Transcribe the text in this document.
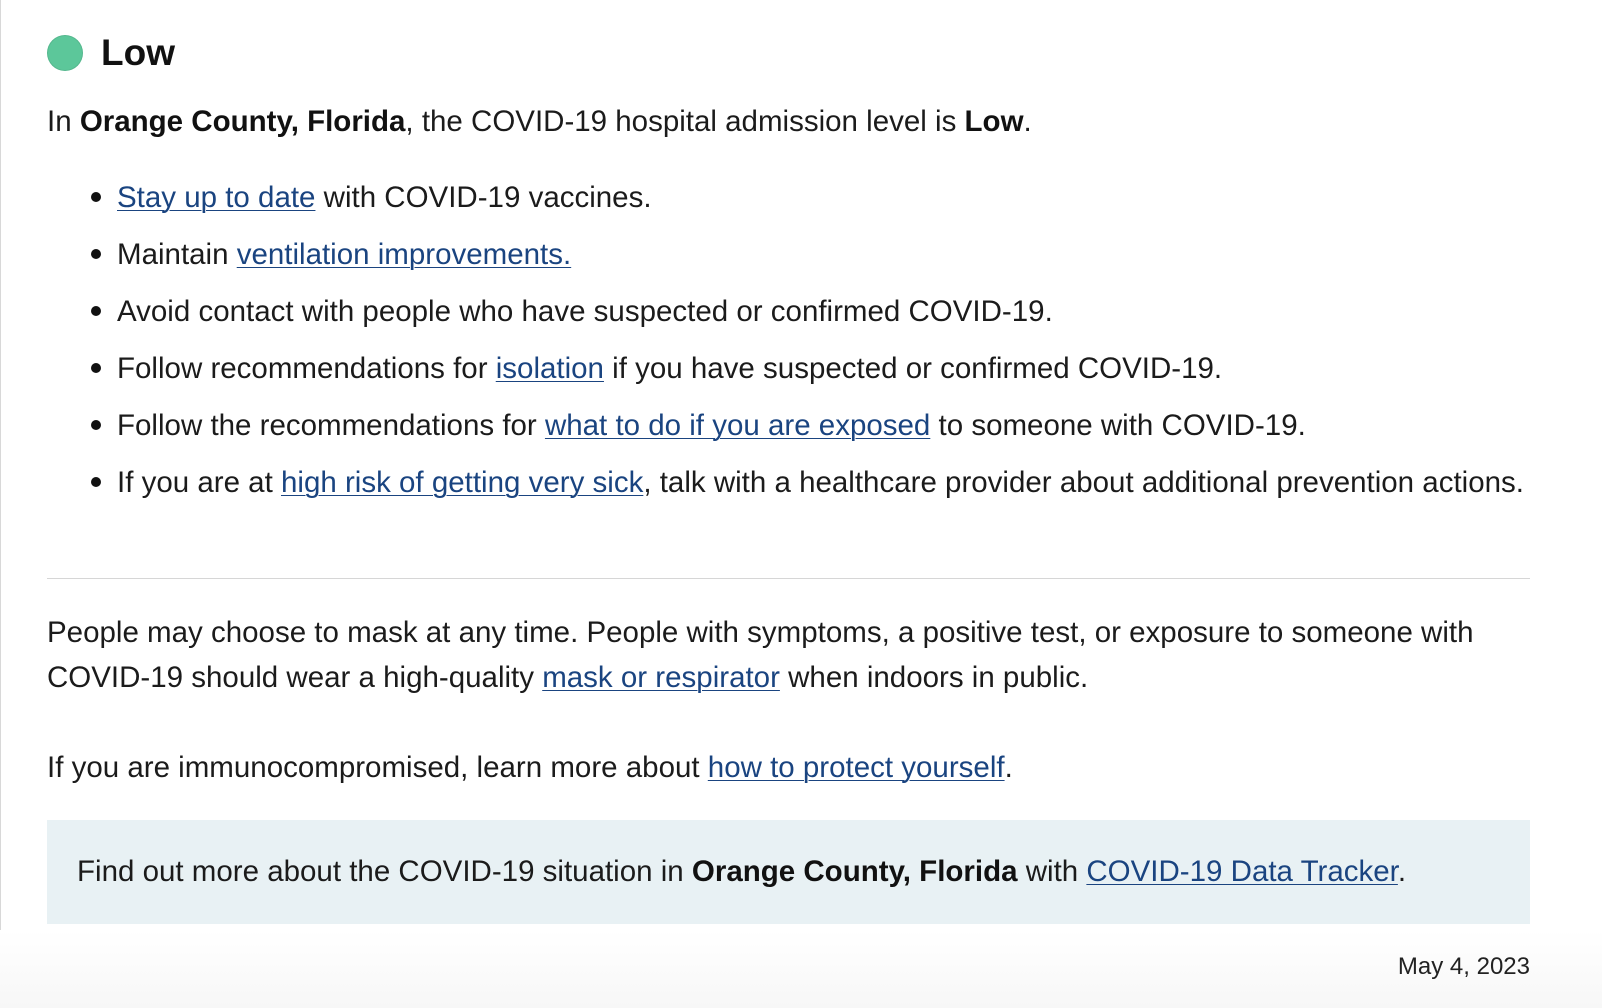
Low

In Orange County, Florida, the COVID-19 hospital admission level is Low.

Stay up to date with COVID-19 vaccines.
Maintain ventilation improvements.
Avoid contact with people who have suspected or confirmed COVID-19.
Follow recommendations for isolation if you have suspected or confirmed COVID-19.
Follow the recommendations for what to do if you are exposed to someone with COVID-19.
If you are at high risk of getting very sick, talk with a healthcare provider about additional prevention actions.

People may choose to mask at any time. People with symptoms, a positive test, or exposure to someone with COVID-19 should wear a high-quality mask or respirator when indoors in public.

If you are immunocompromised, learn more about how to protect yourself.

Find out more about the COVID-19 situation in Orange County, Florida with COVID-19 Data Tracker.
May 4, 2023
